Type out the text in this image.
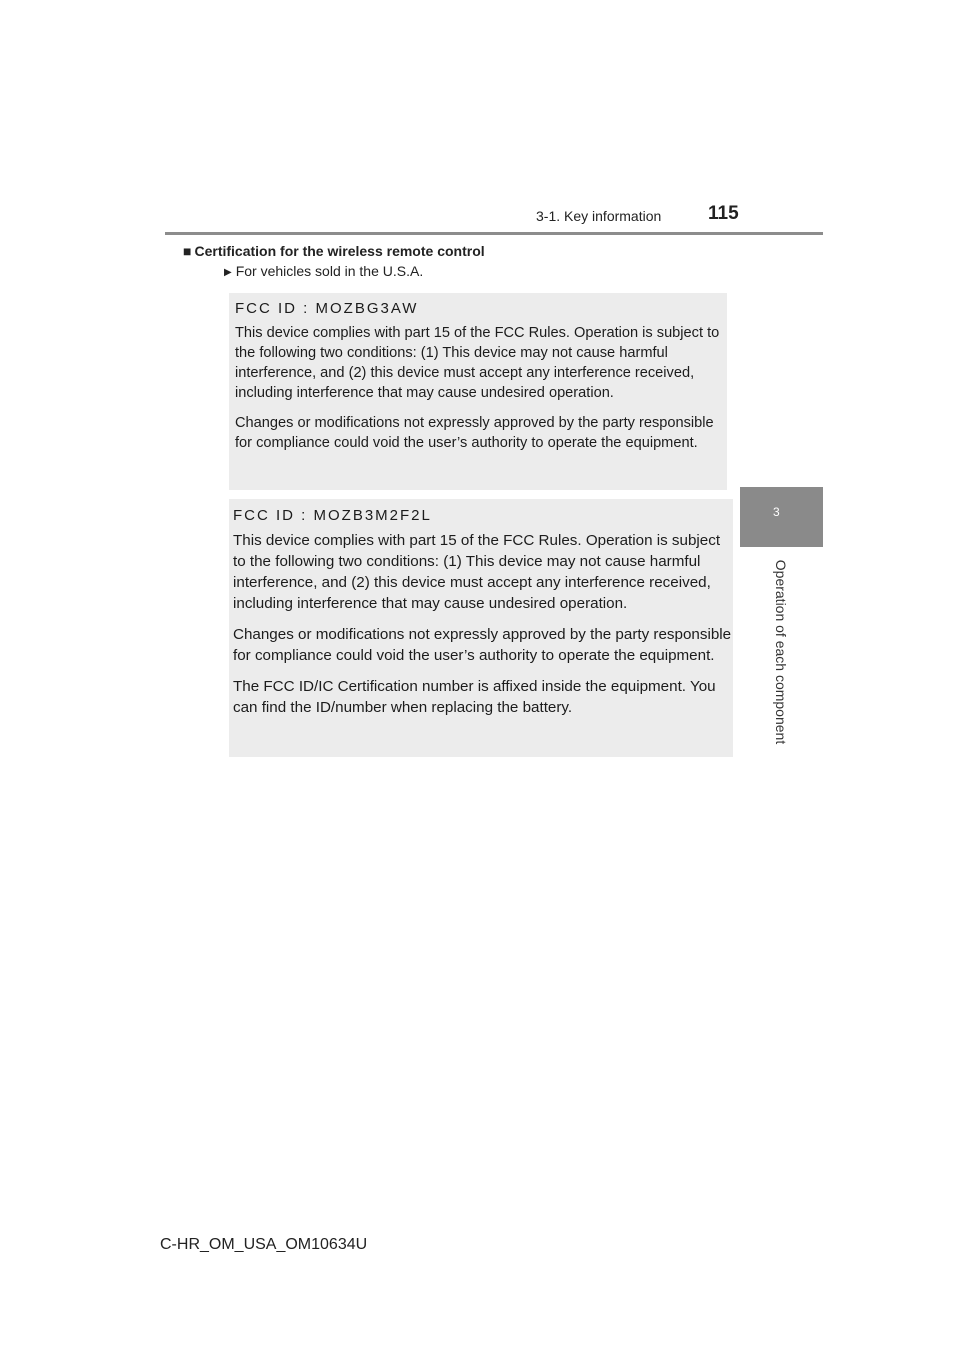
3-1. Key information 115
3
Operation of each component
■ Certification for the wireless remote control
▶ For vehicles sold in the U.S.A.
FCC ID : MOZBG3AW

This device complies with part 15 of the FCC Rules. Operation is subject to the following two conditions: (1) This device may not cause harmful interference, and (2) this device must accept any interference received, including interference that may cause undesired operation.

Changes or modifications not expressly approved by the party responsible for compliance could void the user’s authority to operate the equipment.

FCC ID : MOZB3M2F2L

This device complies with part 15 of the FCC Rules. Operation is subject to the following two conditions: (1) This device may not cause harmful interference, and (2) this device must accept any interference received, including interference that may cause undesired operation.

Changes or modifications not expressly approved by the party responsible for compliance could void the user’s authority to operate the equipment.

The FCC ID/IC Certification number is affixed inside the equipment. You can find the ID/number when replacing the battery.

C-HR_OM_USA_OM10634U
